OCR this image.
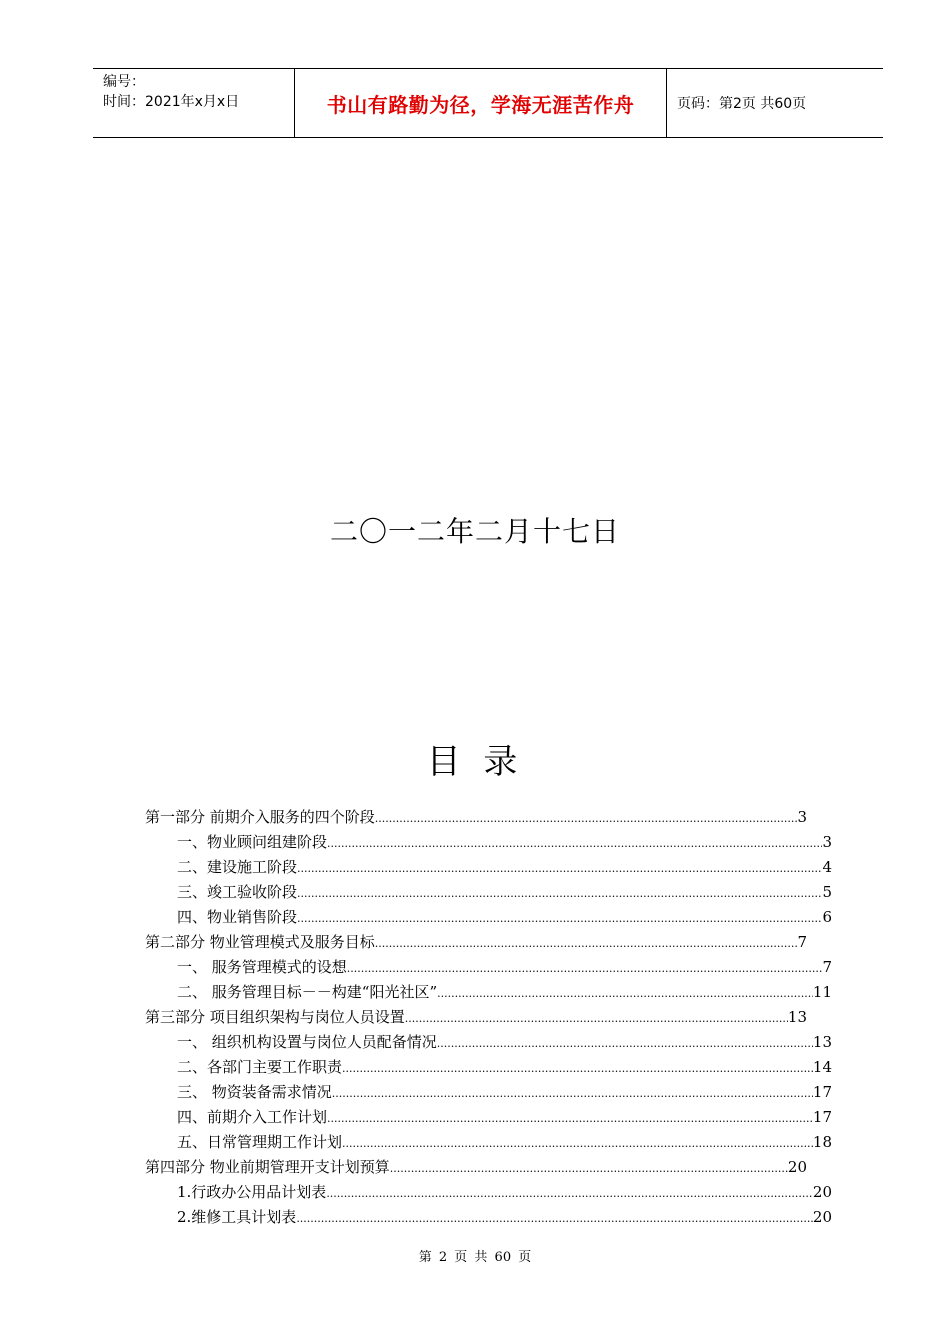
编号：
时间：2021年x月x日	书山有路勤为径，学海无涯苦作舟	页码：第2页 共60页
二〇一二年二月十七日
目 录
第一部分 前期介入服务的四个阶段 .....	3
一、物业顾问组建阶段 .....	3
二、建设施工阶段 .....	4
三、竣工验收阶段 .....	5
四、物业销售阶段 .....	6
第二部分 物业管理模式及服务目标 .....	7
一、 服务管理模式的设想 .....	7
二、 服务管理目标－－构建“阳光社区” .....	11
第三部分 项目组织架构与岗位人员设置 .....	13
一、 组织机构设置与岗位人员配备情况 .....	13
二、各部门主要工作职责 .....	14
三、 物资装备需求情况 .....	17
四、前期介入工作计划 .....	17
五、日常管理期工作计划 .....	18
第四部分 物业前期管理开支计划预算 .....	20
1.行政办公用品计划表 .....	20
2.维修工具计划表 .....	20
第 2 页 共 60 页
